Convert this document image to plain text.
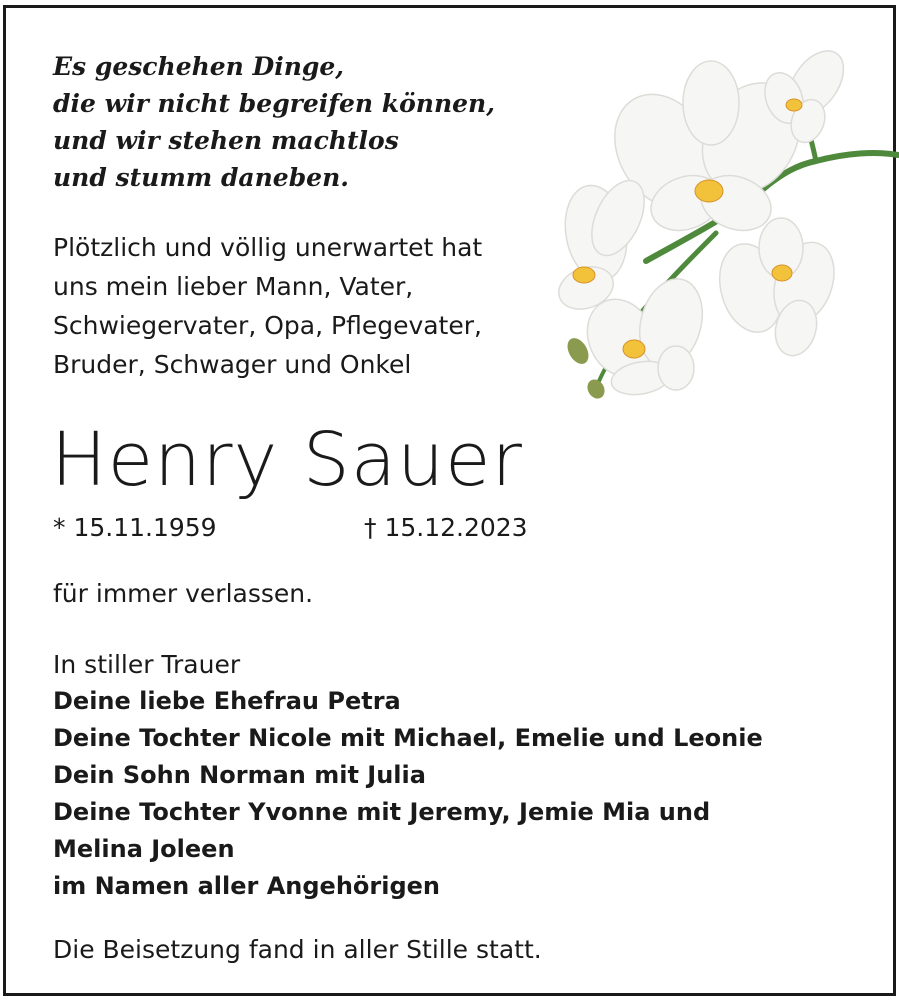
Es geschehen Dinge,
die wir nicht begreifen können,
und wir stehen machtlos
und stumm daneben.
Plötzlich und völlig unerwartet hat
uns mein lieber Mann, Vater,
Schwiegervater, Opa, Pflegevater,
Bruder, Schwager und Onkel
Henry Sauer
* 15.11.1959	† 15.12.2023
für immer verlassen.
In stiller Trauer
Deine liebe Ehefrau Petra
Deine Tochter Nicole mit Michael, Emelie und Leonie
Dein Sohn Norman mit Julia
Deine Tochter Yvonne mit Jeremy, Jemie Mia und
Melina Joleen
im Namen aller Angehörigen
Die Beisetzung fand in aller Stille statt.
